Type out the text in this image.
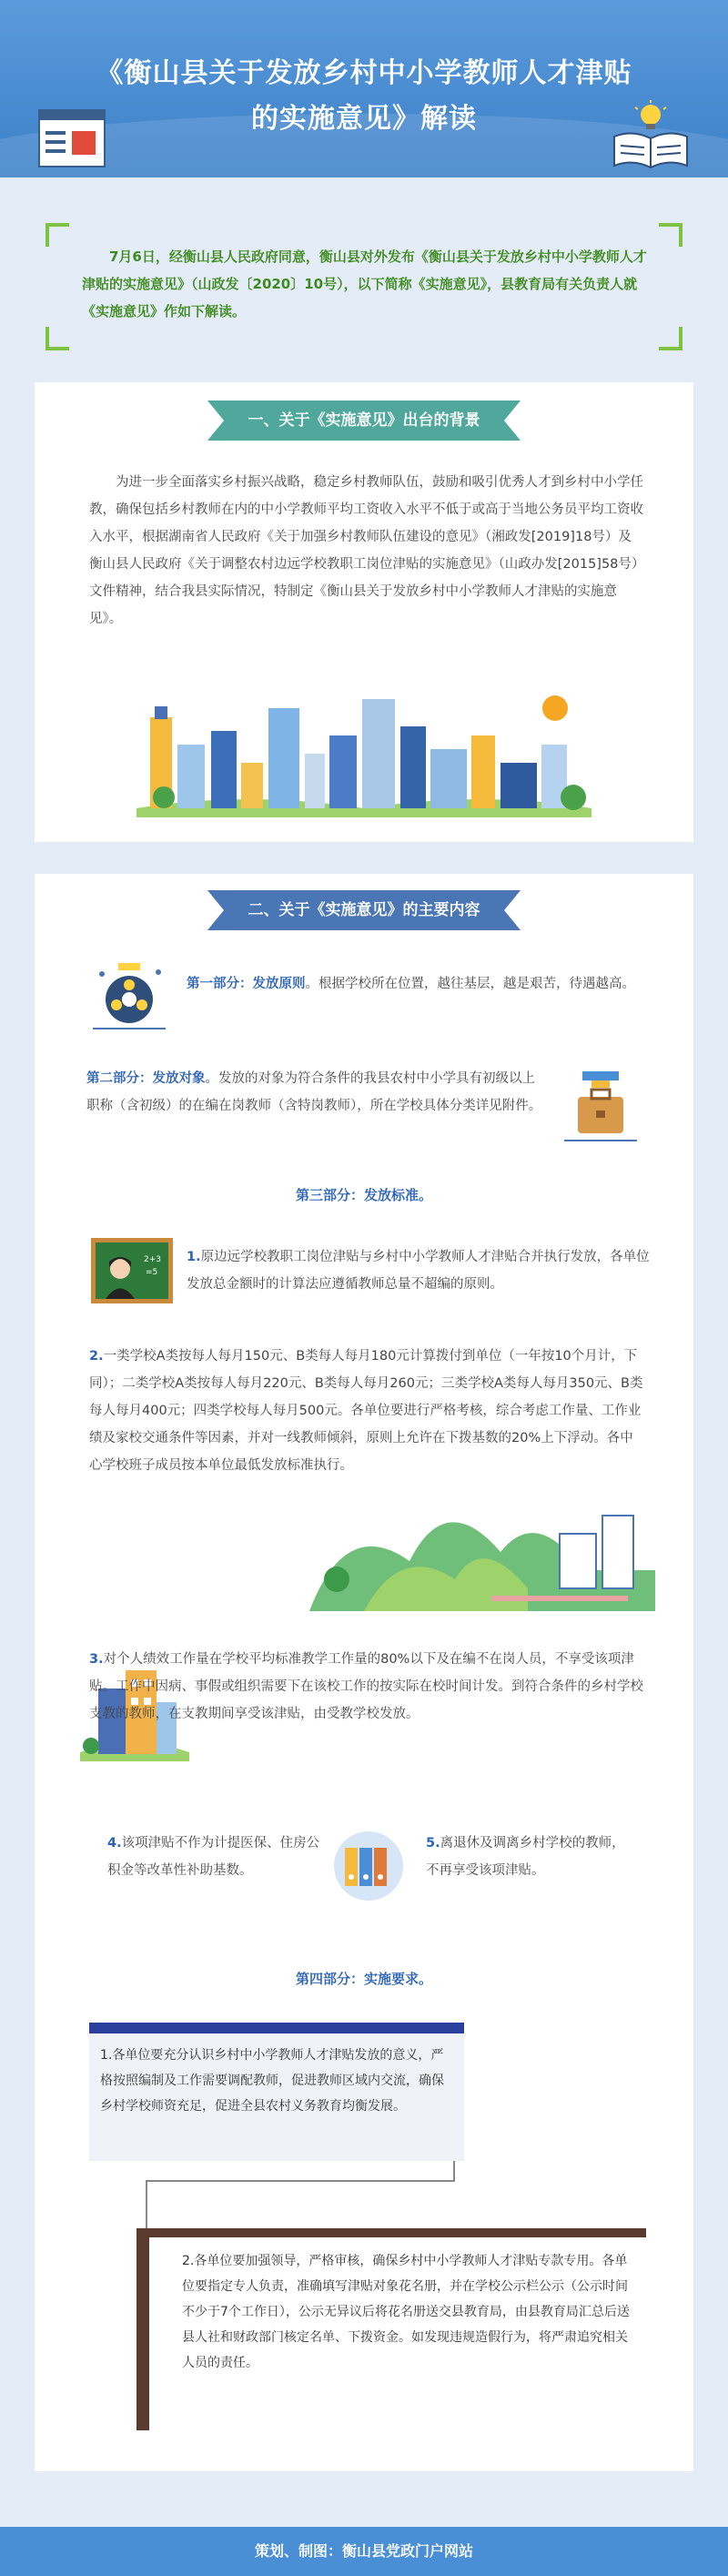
《衡山县关于发放乡村中小学教师人才津贴
的实施意见》解读

7月6日，经衡山县人民政府同意，衡山县对外发布《衡山县关于发放乡村中小学教师人才津贴的实施意见》（山政发〔2020〕10号），以下简称《实施意见》，县教育局有关负责人就《实施意见》作如下解读。

一、关于《实施意见》出台的背景
为进一步全面落实乡村振兴战略，稳定乡村教师队伍，鼓励和吸引优秀人才到乡村中小学任教，确保包括乡村教师在内的中小学教师平均工资收入水平不低于或高于当地公务员平均工资收入水平，根据湖南省人民政府《关于加强乡村教师队伍建设的意见》（湘政发[2019]18号）及衡山县人民政府《关于调整农村边远学校教职工岗位津贴的实施意见》（山政办发[2015]58号）文件精神，结合我县实际情况，特制定《衡山县关于发放乡村中小学教师人才津贴的实施意见》。
二、关于《实施意见》的主要内容
第一部分：发放原则。根据学校所在位置，越往基层，越是艰苦，待遇越高。
第二部分：发放对象。发放的对象为符合条件的我县农村中小学具有初级以上职称（含初级）的在编在岗教师（含特岗教师），所在学校具体分类详见附件。
第三部分：发放标准。
2+3
=5
1.原边远学校教职工岗位津贴与乡村中小学教师人才津贴合并执行发放，各单位发放总金额时的计算法应遵循教师总量不超编的原则。
2.一类学校A类按每人每月150元、B类每人每月180元计算拨付到单位（一年按10个月计，下同）；二类学校A类按每人每月220元、B类每人每月260元；三类学校A类每人每月350元、B类每人每月400元；四类学校每人每月500元。各单位要进行严格考核，综合考虑工作量、工作业绩及家校交通条件等因素，并对一线教师倾斜，原则上允许在下拨基数的20%上下浮动。各中心学校班子成员按本单位最低发放标准执行。
3.对个人绩效工作量在学校平均标准教学工作量的80%以下及在编不在岗人员，不享受该项津贴。工作中因病、事假或组织需要下在该校工作的按实际在校时间计发。到符合条件的乡村学校支教的教师，在支教期间享受该津贴，由受教学校发放。
4.该项津贴不作为计提医保、住房公积金等改革性补助基数。
5.离退休及调离乡村学校的教师，不再享受该项津贴。
第四部分：实施要求。
1.各单位要充分认识乡村中小学教师人才津贴发放的意义，严格按照编制及工作需要调配教师，促进教师区域内交流，确保乡村学校师资充足，促进全县农村义务教育均衡发展。
2.各单位要加强领导，严格审核，确保乡村中小学教师人才津贴专款专用。各单位要指定专人负责，准确填写津贴对象花名册，并在学校公示栏公示（公示时间不少于7个工作日），公示无异议后将花名册送交县教育局，由县教育局汇总后送县人社和财政部门核定名单、下拨资金。如发现违规造假行为，将严肃追究相关人员的责任。
策划、制图：衡山县党政门户网站
